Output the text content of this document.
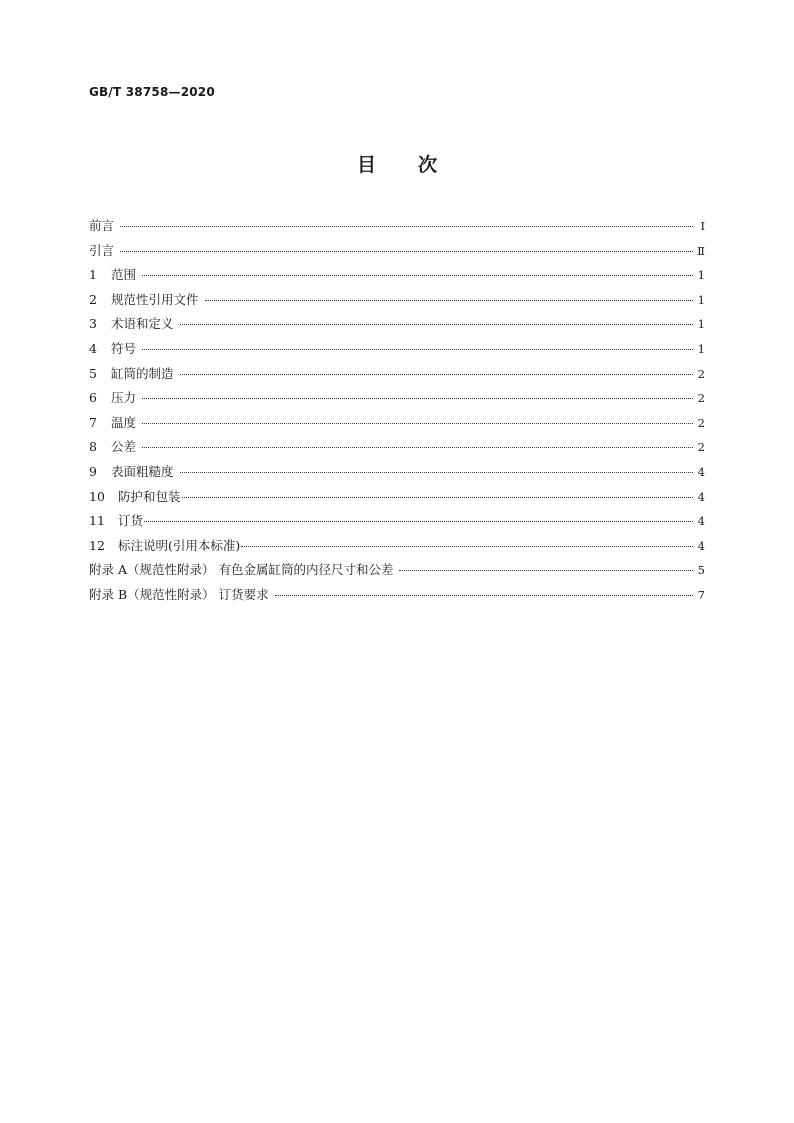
GB/T 38758—2020
目 次
前言	Ⅰ
引言	Ⅱ
1	范围	1
2	规范性引用文件	1
3	术语和定义	1
4	符号	1
5	缸筒的制造	2
6	压力	2
7	温度	2
8	公差	2
9	表面粗糙度	4
10	防护和包装	4
11	订货	4
12	标注说明(引用本标准)	4
附录 A（规范性附录） 有色金属缸筒的内径尺寸和公差	5
附录 B（规范性附录） 订货要求	7
